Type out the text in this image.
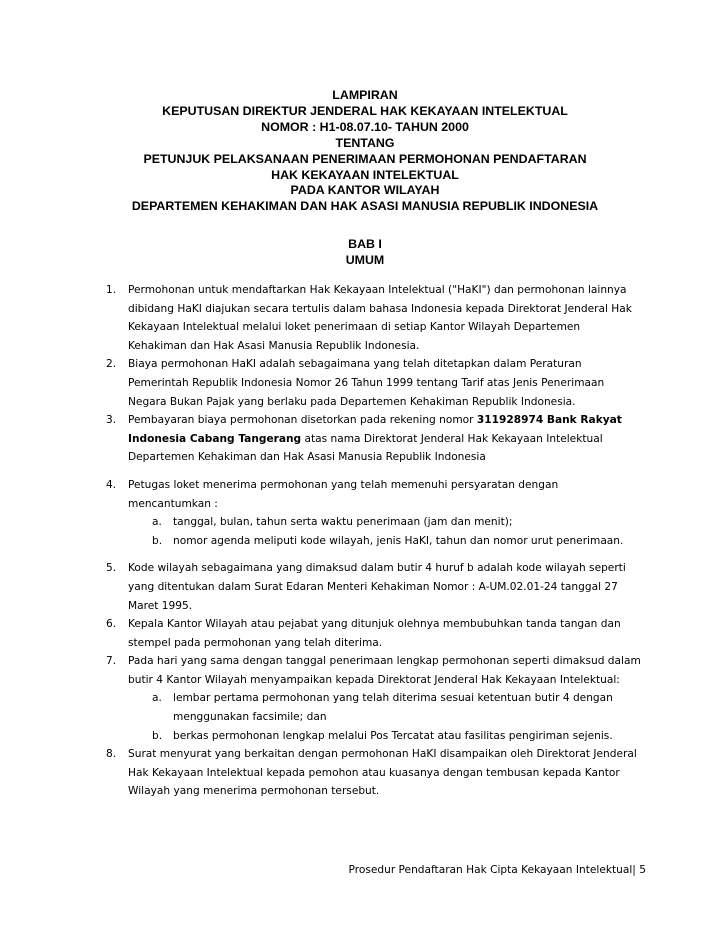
LAMPIRAN
KEPUTUSAN DIREKTUR JENDERAL HAK KEKAYAAN INTELEKTUAL
NOMOR : H1-08.07.10- TAHUN 2000
TENTANG
PETUNJUK PELAKSANAAN PENERIMAAN PERMOHONAN PENDAFTARAN
HAK KEKAYAAN INTELEKTUAL
PADA KANTOR WILAYAH
DEPARTEMEN KEHAKIMAN DAN HAK ASASI MANUSIA REPUBLIK INDONESIA
BAB I
UMUM
1. Permohonan untuk mendaftarkan Hak Kekayaan Intelektual ("HaKI") dan permohonan lainnya
dibidang HaKI diajukan secara tertulis dalam bahasa Indonesia kepada Direktorat Jenderal Hak
Kekayaan Intelektual melalui loket penerimaan di setiap Kantor Wilayah Departemen
Kehakiman dan Hak Asasi Manusia Republik Indonesia.
2. Biaya permohonan HaKI adalah sebagaimana yang telah ditetapkan dalam Peraturan
Pemerintah Republik Indonesia Nomor 26 Tahun 1999 tentang Tarif atas Jenis Penerimaan
Negara Bukan Pajak yang berlaku pada Departemen Kehakiman Republik Indonesia.
3. Pembayaran biaya permohonan disetorkan pada rekening nomor 311928974 Bank Rakyat
Indonesia Cabang Tangerang atas nama Direktorat Jenderal Hak Kekayaan Intelektual
Departemen Kehakiman dan Hak Asasi Manusia Republik Indonesia
4. Petugas loket menerima permohonan yang telah memenuhi persyaratan dengan
mencantumkan :
a. tanggal, bulan, tahun serta waktu penerimaan (jam dan menit);
b. nomor agenda meliputi kode wilayah, jenis HaKI, tahun dan nomor urut penerimaan.
5. Kode wilayah sebagaimana yang dimaksud dalam butir 4 huruf b adalah kode wilayah seperti
yang ditentukan dalam Surat Edaran Menteri Kehakiman Nomor : A-UM.02.01-24 tanggal 27
Maret 1995.
6. Kepala Kantor Wilayah atau pejabat yang ditunjuk olehnya membubuhkan tanda tangan dan
stempel pada permohonan yang telah diterima.
7. Pada hari yang sama dengan tanggal penerimaan lengkap permohonan seperti dimaksud dalam
butir 4 Kantor Wilayah menyampaikan kepada Direktorat Jenderal Hak Kekayaan Intelektual:
a. lembar pertama permohonan yang telah diterima sesuai ketentuan butir 4 dengan
menggunakan facsimile; dan
b. berkas permohonan lengkap melalui Pos Tercatat atau fasilitas pengiriman sejenis.
8. Surat menyurat yang berkaitan dengan permohonan HaKI disampaikan oleh Direktorat Jenderal
Hak Kekayaan Intelektual kepada pemohon atau kuasanya dengan tembusan kepada Kantor
Wilayah yang menerima permohonan tersebut.
Prosedur Pendaftaran Hak Cipta Kekayaan Intelektual| 5
